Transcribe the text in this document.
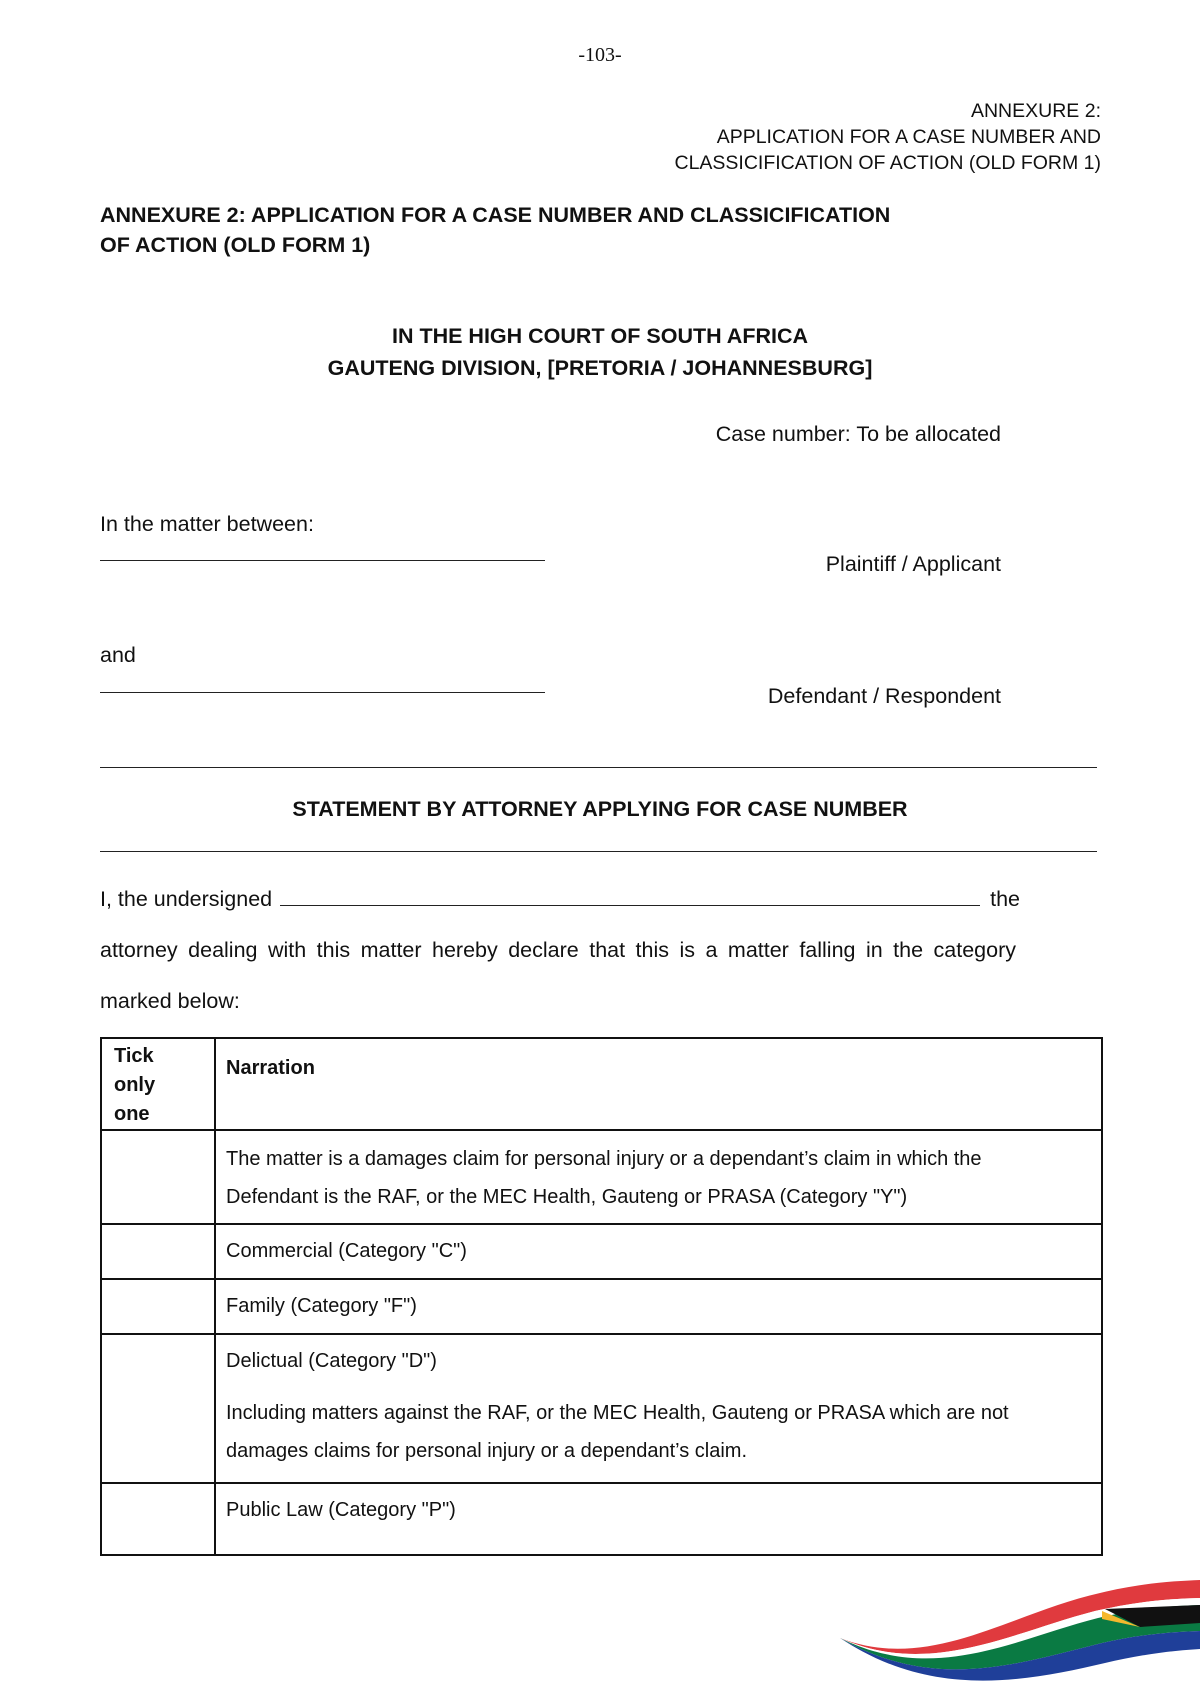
-103-
ANNEXURE 2:
APPLICATION FOR A CASE NUMBER AND
CLASSICIFICATION OF ACTION (OLD FORM 1)
ANNEXURE 2: APPLICATION FOR A CASE NUMBER AND CLASSICIFICATION
OF ACTION (OLD FORM 1)
IN THE HIGH COURT OF SOUTH AFRICA
GAUTENG DIVISION, [PRETORIA / JOHANNESBURG]
Case number: To be allocated
In the matter between:
Plaintiff / Applicant
and
Defendant / Respondent
STATEMENT BY ATTORNEY APPLYING FOR CASE NUMBER
I, the undersigned	the
attorney dealing with this matter hereby declare that this is a matter falling in the category
marked below:
Tick
only
one	Narration

	The matter is a damages claim for personal injury or a dependant’s claim in which the
Defendant is the RAF, or the MEC Health, Gauteng or PRASA (Category "Y")

	Commercial (Category "C")

	Family (Category "F")

	Delictual (Category "D")
Including matters against the RAF, or the MEC Health, Gauteng or PRASA which are not
damages claims for personal injury or a dependant’s claim.

	Public Law (Category "P")
